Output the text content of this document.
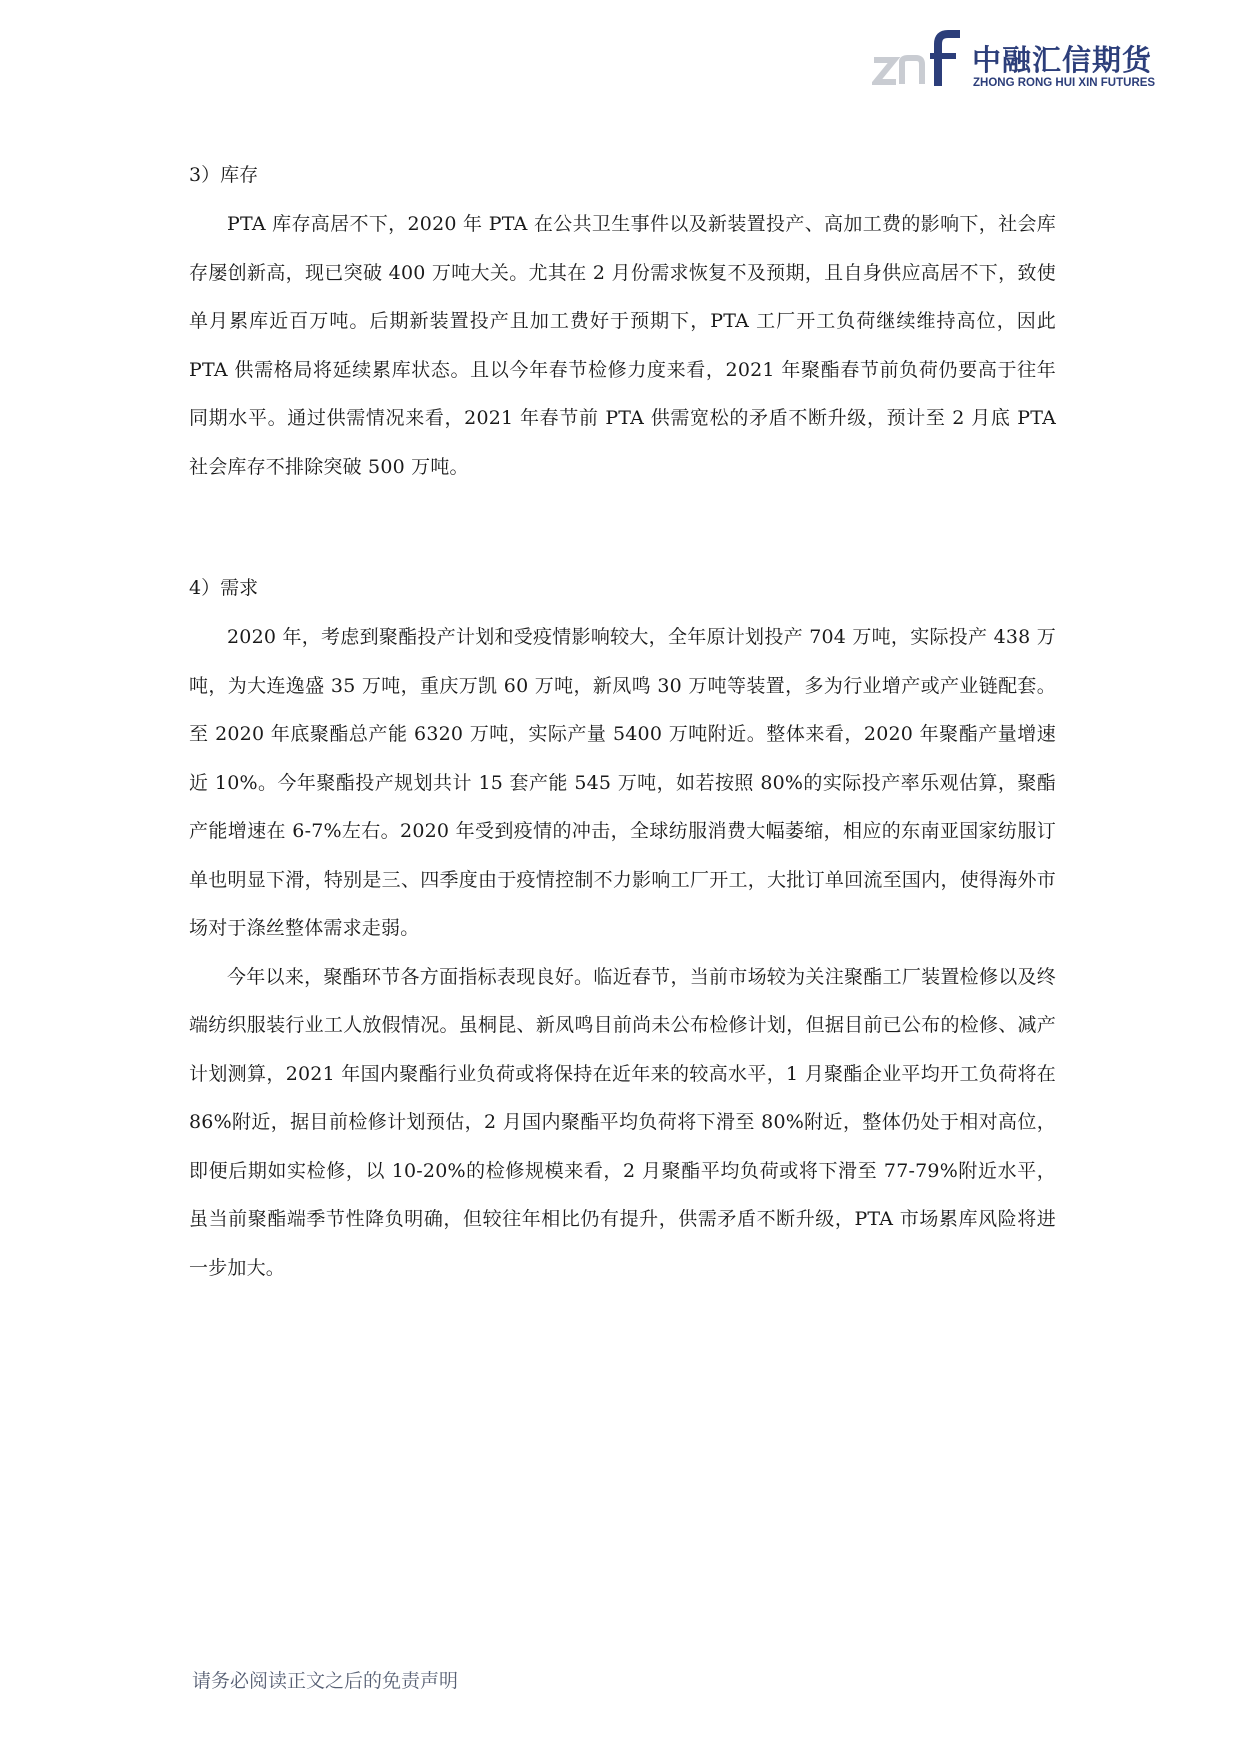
中融汇信期货
ZHONG RONG HUI XIN FUTURES

3）库存

PTA 库存高居不下，2020 年 PTA 在公共卫生事件以及新装置投产、高加工费的影响下，社会库存屡创新高，现已突破 400 万吨大关。尤其在 2 月份需求恢复不及预期，且自身供应高居不下，致使单月累库近百万吨。后期新装置投产且加工费好于预期下，PTA 工厂开工负荷继续维持高位，因此 PTA 供需格局将延续累库状态。且以今年春节检修力度来看，2021 年聚酯春节前负荷仍要高于往年同期水平。通过供需情况来看，2021 年春节前 PTA 供需宽松的矛盾不断升级，预计至 2 月底 PTA 社会库存不排除突破 500 万吨。

4）需求

2020 年，考虑到聚酯投产计划和受疫情影响较大，全年原计划投产 704 万吨，实际投产 438 万吨，为大连逸盛 35 万吨，重庆万凯 60 万吨，新凤鸣 30 万吨等装置，多为行业增产或产业链配套。至 2020 年底聚酯总产能 6320 万吨，实际产量 5400 万吨附近。整体来看，2020 年聚酯产量增速近 10%。今年聚酯投产规划共计 15 套产能 545 万吨，如若按照 80%的实际投产率乐观估算，聚酯产能增速在 6-7%左右。2020 年受到疫情的冲击，全球纺服消费大幅萎缩，相应的东南亚国家纺服订单也明显下滑，特别是三、四季度由于疫情控制不力影响工厂开工，大批订单回流至国内，使得海外市场对于涤丝整体需求走弱。

今年以来，聚酯环节各方面指标表现良好。临近春节，当前市场较为关注聚酯工厂装置检修以及终端纺织服装行业工人放假情况。虽桐昆、新凤鸣目前尚未公布检修计划，但据目前已公布的检修、减产计划测算，2021 年国内聚酯行业负荷或将保持在近年来的较高水平，1 月聚酯企业平均开工负荷将在 86%附近，据目前检修计划预估，2 月国内聚酯平均负荷将下滑至 80%附近，整体仍处于相对高位，即便后期如实检修，以 10-20%的检修规模来看，2 月聚酯平均负荷或将下滑至 77-79%附近水平，虽当前聚酯端季节性降负明确，但较往年相比仍有提升，供需矛盾不断升级，PTA 市场累库风险将进一步加大。

请务必阅读正文之后的免责声明
